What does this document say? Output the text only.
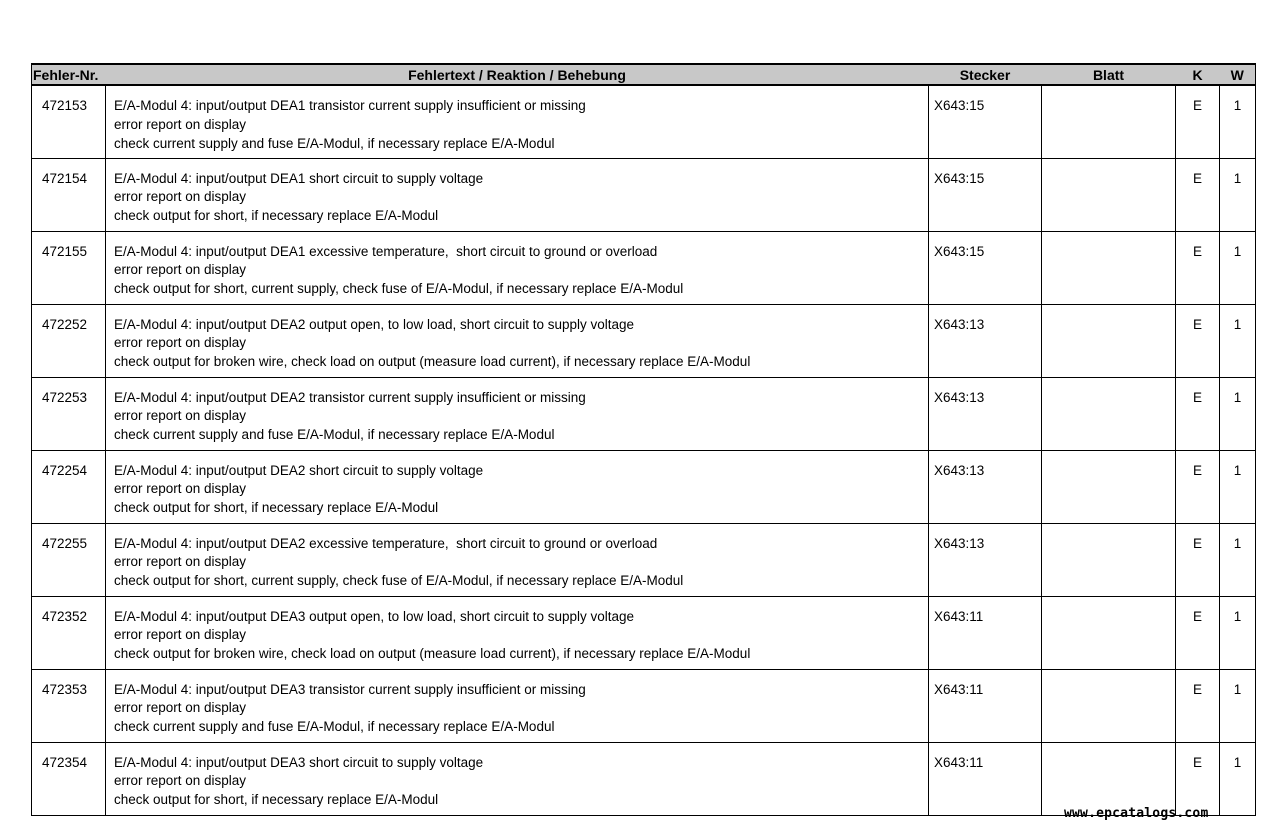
Fehler-Nr.	Fehlertext / Reaktion / Behebung	Stecker	Blatt	K	W
472153	E/A-Modul 4: input/output DEA1 transistor current supply insufficient or missing
error report on display
check current supply and fuse E/A-Modul, if necessary replace E/A-Modul	X643:15		E	1
472154	E/A-Modul 4: input/output DEA1 short circuit to supply voltage
error report on display
check output for short, if necessary replace E/A-Modul	X643:15		E	1
472155	E/A-Modul 4: input/output DEA1 excessive temperature,  short circuit to ground or overload
error report on display
check output for short, current supply, check fuse of E/A-Modul, if necessary replace E/A-Modul	X643:15		E	1
472252	E/A-Modul 4: input/output DEA2 output open, to low load, short circuit to supply voltage
error report on display
check output for broken wire, check load on output (measure load current), if necessary replace E/A-Modul	X643:13		E	1
472253	E/A-Modul 4: input/output DEA2 transistor current supply insufficient or missing
error report on display
check current supply and fuse E/A-Modul, if necessary replace E/A-Modul	X643:13		E	1
472254	E/A-Modul 4: input/output DEA2 short circuit to supply voltage
error report on display
check output for short, if necessary replace E/A-Modul	X643:13		E	1
472255	E/A-Modul 4: input/output DEA2 excessive temperature,  short circuit to ground or overload
error report on display
check output for short, current supply, check fuse of E/A-Modul, if necessary replace E/A-Modul	X643:13		E	1
472352	E/A-Modul 4: input/output DEA3 output open, to low load, short circuit to supply voltage
error report on display
check output for broken wire, check load on output (measure load current), if necessary replace E/A-Modul	X643:11		E	1
472353	E/A-Modul 4: input/output DEA3 transistor current supply insufficient or missing
error report on display
check current supply and fuse E/A-Modul, if necessary replace E/A-Modul	X643:11		E	1
472354	E/A-Modul 4: input/output DEA3 short circuit to supply voltage
error report on display
check output for short, if necessary replace E/A-Modul	X643:11		E	1
www.epcatalogs.com
